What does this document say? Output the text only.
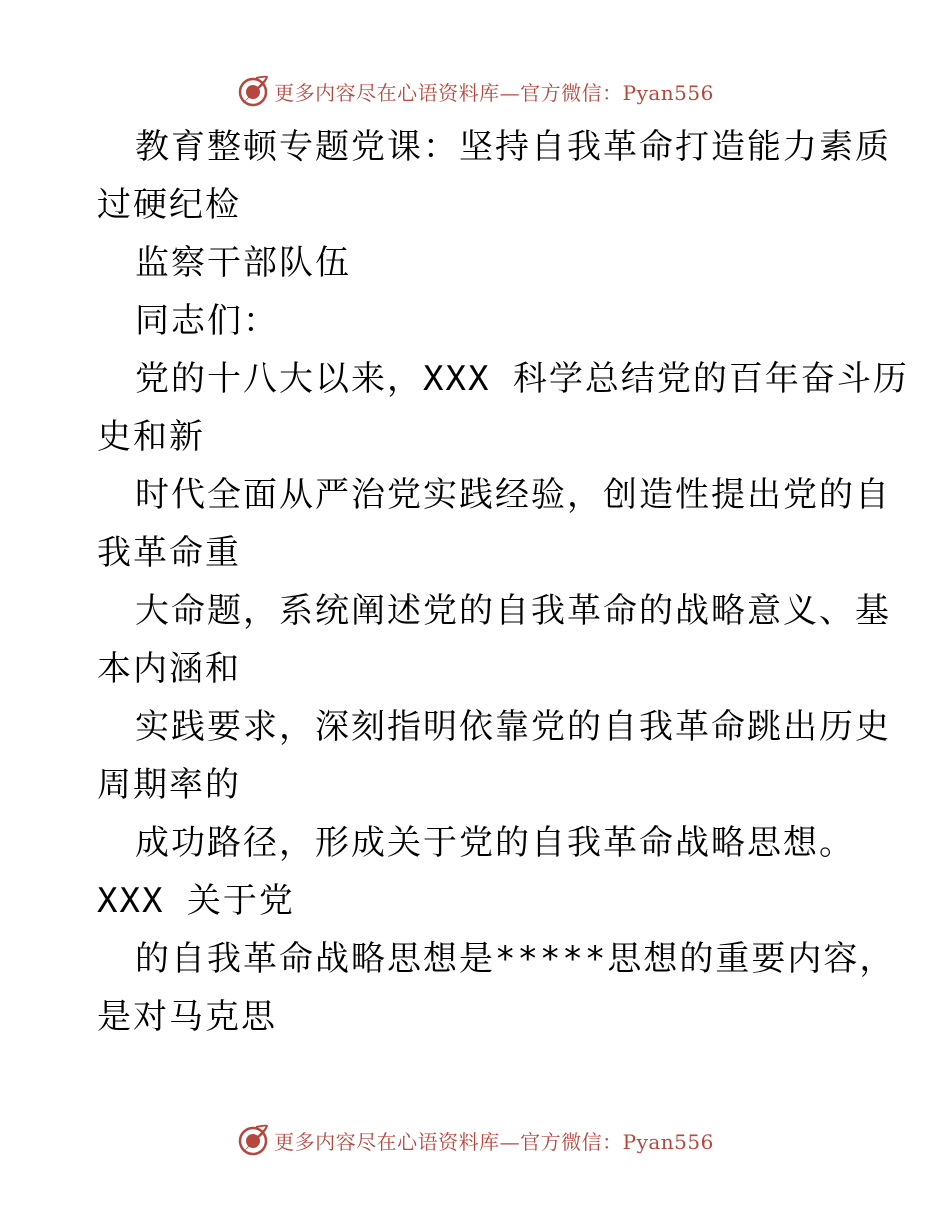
更多内容尽在心语资料库—官方微信：Pyan556
教育整顿专题党课：坚持自我革命打造能力素质
过硬纪检
监察干部队伍
同志们：
党的十八大以来，XXX 科学总结党的百年奋斗历
史和新
时代全面从严治党实践经验，创造性提出党的自
我革命重
大命题，系统阐述党的自我革命的战略意义、基
本内涵和
实践要求，深刻指明依靠党的自我革命跳出历史
周期率的
成功路径，形成关于党的自我革命战略思想。
XXX 关于党
的自我革命战略思想是*****思想的重要内容，
是对马克思
更多内容尽在心语资料库—官方微信：Pyan556
